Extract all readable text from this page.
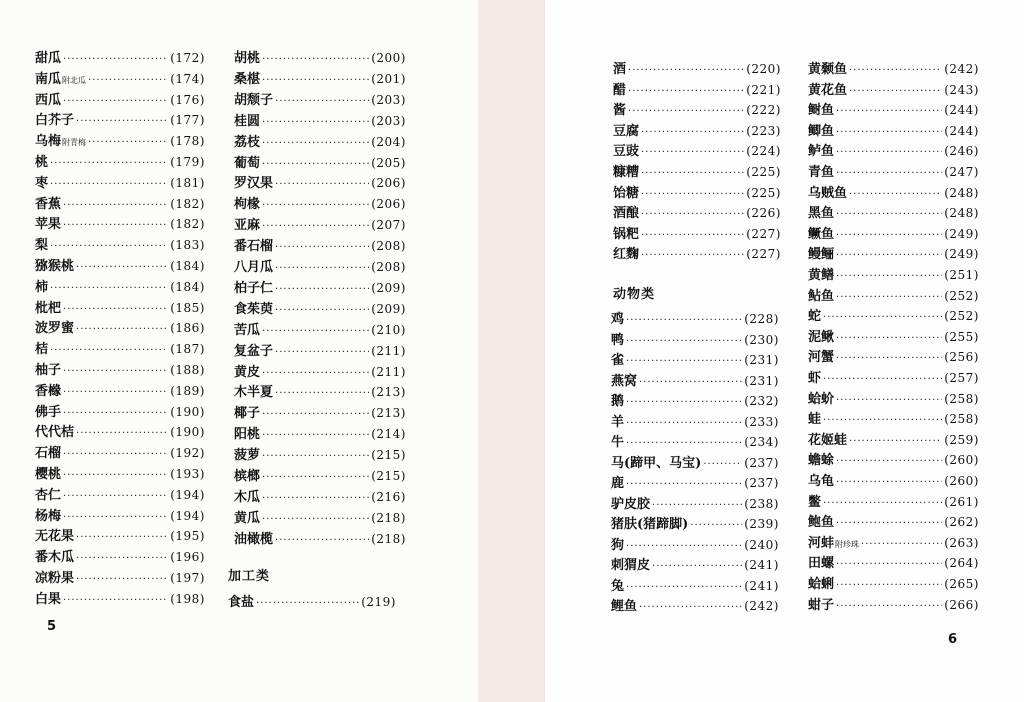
甜瓜 ·····	(172)
南瓜 附北瓜 ·····	(174)
西瓜 ·····	(176)
白芥子 ·····	(177)
乌梅 附青梅 ·····	(178)
桃 ·····	(179)
枣 ·····	(181)
香蕉 ·····	(182)
苹果 ·····	(182)
梨 ·····	(183)
猕猴桃 ·····	(184)
柿 ·····	(184)
枇杷 ·····	(185)
波罗蜜 ·····	(186)
桔 ·····	(187)
柚子 ·····	(188)
香橼 ·····	(189)
佛手 ·····	(190)
代代桔 ·····	(190)
石榴 ·····	(192)
樱桃 ·····	(193)
杏仁 ·····	(194)
杨梅 ·····	(194)
无花果 ·····	(195)
番木瓜 ·····	(196)
凉粉果 ·····	(197)
白果 ·····	(198)
胡桃 ·····	(200)
桑椹 ·····	(201)
胡颓子 ·····	(203)
桂圆 ·····	(203)
荔枝 ·····	(204)
葡萄 ·····	(205)
罗汉果 ·····	(206)
枸椽 ·····	(206)
亚麻 ·····	(207)
番石榴 ·····	(208)
八月瓜 ·····	(208)
柏子仁 ·····	(209)
食茱萸 ·····	(209)
苦瓜 ·····	(210)
复盆子 ·····	(211)
黄皮 ·····	(211)
木半夏 ·····	(213)
椰子 ·····	(213)
阳桃 ·····	(214)
菠萝 ·····	(215)
槟榔 ·····	(215)
木瓜 ·····	(216)
黄瓜 ·····	(218)
油橄榄 ·····	(218)
加工类
食盐 ·····	(219)
5
酒 ·····	(220)
醋 ·····	(221)
酱 ·····	(222)
豆腐 ·····	(223)
豆豉 ·····	(224)
糠糟 ·····	(225)
饴糖 ·····	(225)
酒酿 ·····	(226)
锅粑 ·····	(227)
红麴 ·····	(227)
动物类
鸡 ·····	(228)
鸭 ·····	(230)
雀 ·····	(231)
燕窝 ·····	(231)
鹅 ·····	(232)
羊 ·····	(233)
牛 ·····	(234)
马(蹄甲、马宝) ·····	(237)
鹿 ·····	(237)
驴皮胶 ·····	(238)
猪肤(猪蹄脚) ·····	(239)
狗 ·····	(240)
刺猬皮 ·····	(241)
兔 ·····	(241)
鲤鱼 ·····	(242)
黄颡鱼 ·····	(242)
黄花鱼 ·····	(243)
鲥鱼 ·····	(244)
鲫鱼 ·····	(244)
鲈鱼 ·····	(246)
青鱼 ·····	(247)
乌贼鱼 ·····	(248)
黑鱼 ·····	(248)
鳜鱼 ·····	(249)
鳗鲡 ·····	(249)
黄鳝 ·····	(251)
鲇鱼 ·····	(252)
蛇 ·····	(252)
泥鳅 ·····	(255)
河蟹 ·····	(256)
虾 ·····	(257)
蛤蚧 ·····	(258)
蛙 ·····	(258)
花姬蛙 ·····	(259)
蟾蜍 ·····	(260)
乌龟 ·····	(260)
鳖 ·····	(261)
鲍鱼 ·····	(262)
河蚌 附珍珠 ·····	(263)
田螺 ·····	(264)
蛤蜊 ·····	(265)
蚶子 ·····	(266)
6
